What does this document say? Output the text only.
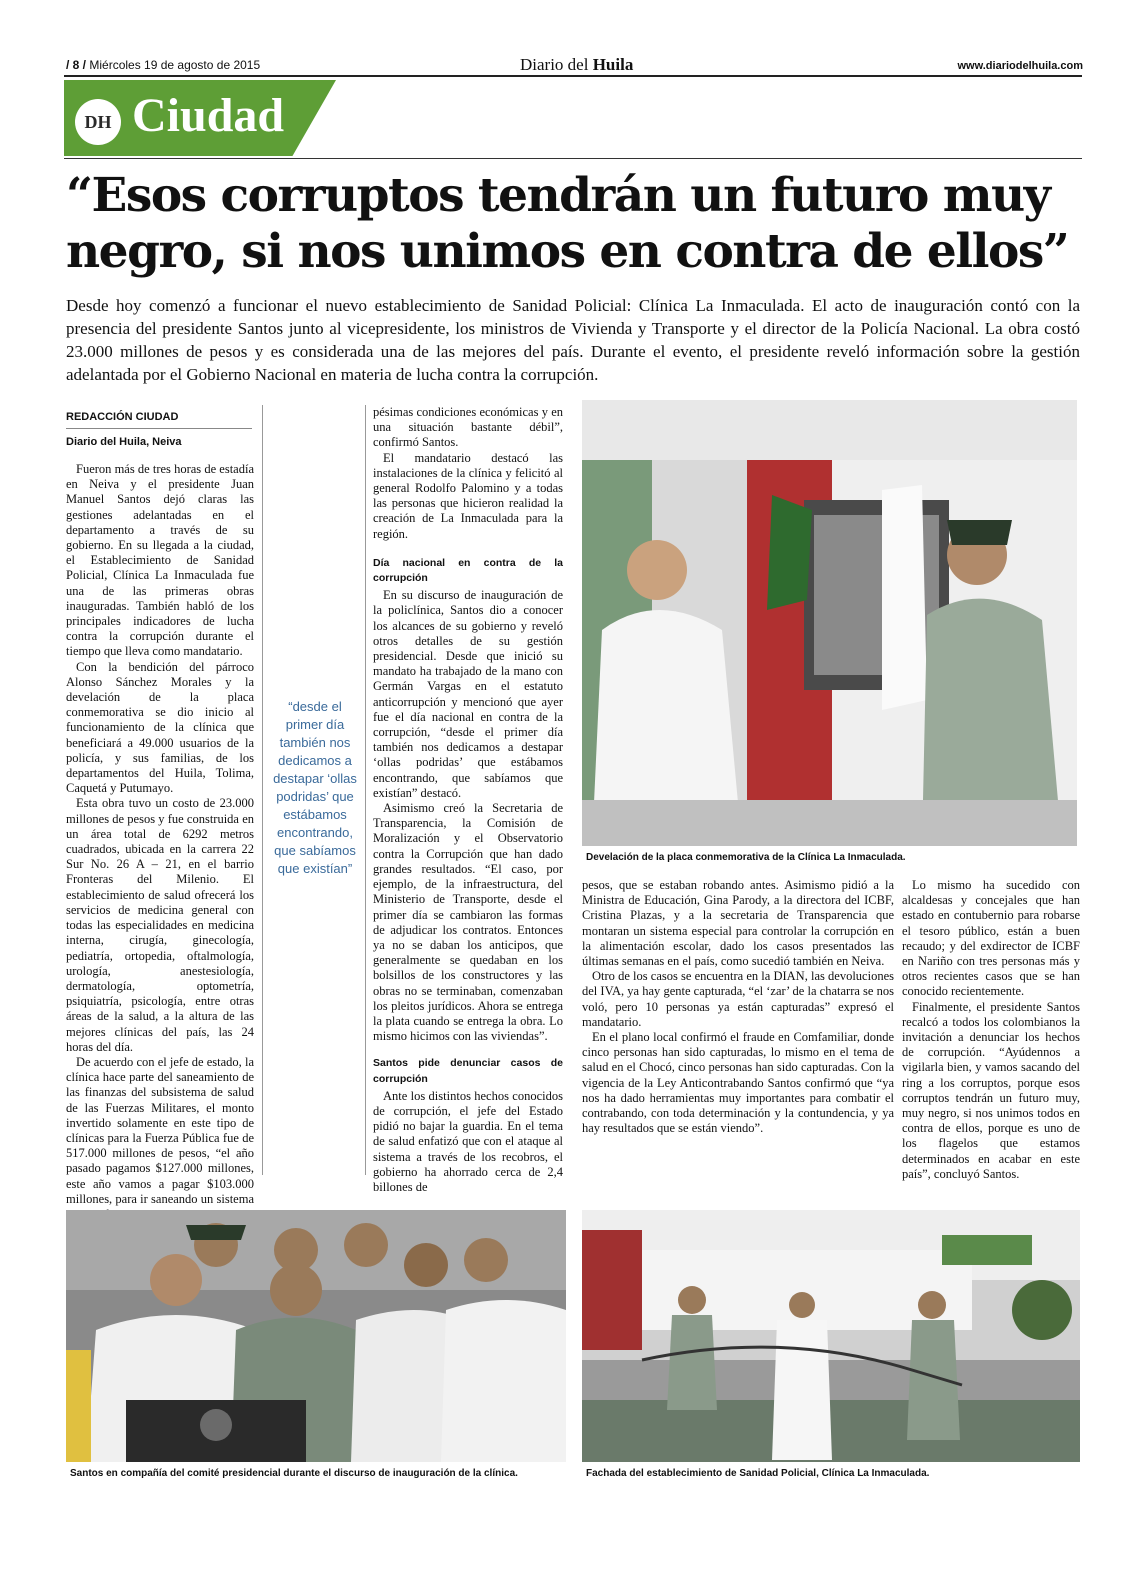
/ 8 / Miércoles 19 de agosto de 2015	Diario del Huila	www.diariodelhuila.com
DH Ciudad
“Esos corruptos tendrán un futuro muy negro, si nos unimos en contra de ellos”
Desde hoy comenzó a funcionar el nuevo establecimiento de Sanidad Policial: Clínica La Inmaculada. El acto de inauguración contó con la presencia del presidente Santos junto al vicepresidente, los ministros de Vivienda y Transporte y el director de la Policía Nacional. La obra costó 23.000 millones de pesos y es considerada una de las mejores del país. Durante el evento, el presidente reveló información sobre la gestión adelantada por el Gobierno Nacional en materia de lucha contra la corrupción.
REDACCIÓN CIUDAD
Diario del Huila, Neiva

Fueron más de tres horas de estadía en Neiva y el presidente Juan Manuel Santos dejó claras las gestiones adelantadas en el departamento a través de su gobierno. En su llegada a la ciudad, el Establecimiento de Sanidad Policial, Clínica La Inmaculada fue una de las primeras obras inauguradas. También habló de los principales indicadores de lucha contra la corrupción durante el tiempo que lleva como mandatario.

Con la bendición del párroco Alonso Sánchez Morales y la develación de la placa conmemorativa se dio inicio al funcionamiento de la clínica que beneficiará a 49.000 usuarios de la policía, y sus familias, de los departamentos del Huila, Tolima, Caquetá y Putumayo.

Esta obra tuvo un costo de 23.000 millones de pesos y fue construida en un área total de 6292 metros cuadrados, ubicada en la carrera 22 Sur No. 26 A – 21, en el barrio Fronteras del Milenio. El establecimiento de salud ofrecerá los servicios de medicina general con todas las especialidades en medicina interna, cirugía, ginecología, pediatría, ortopedia, oftalmología, urología, anestesiología, dermatología, optometría, psiquiatría, psicología, entre otras áreas de la salud, a la altura de las mejores clínicas del país, las 24 horas del día.

De acuerdo con el jefe de estado, la clínica hace parte del saneamiento de las finanzas del subsistema de salud de las Fuerzas Militares, el monto invertido solamente en este tipo de clínicas para la Fuerza Pública fue de 517.000 millones de pesos, “el año pasado pagamos $127.000 millones, este año vamos a pagar $103.000 millones, para ir saneando un sistema

“desde el primer día también nos dedicamos a destapar ‘ollas podridas’ que estábamos encontrando, que sabíamos que existían”

pésimas condiciones económicas y en una situación bastante débil”, confirmó Santos.

El mandatario destacó las instalaciones de la clínica y felicitó al general Rodolfo Palomino y a todas las personas que hicieron realidad la creación de La Inmaculada para la región.

Día nacional en contra de la corrupción

En su discurso de inauguración de la policlínica, Santos dio a conocer los alcances de su gobierno y reveló otros detalles de su gestión presidencial. Desde que inició su mandato ha trabajado de la mano con Germán Vargas en el estatuto anticorrupción y mencionó que ayer fue el día nacional en contra de la corrupción, “desde el primer día también nos dedicamos a destapar ‘ollas podridas’ que estábamos encontrando, que sabíamos que existían” destacó.

Asimismo creó la Secretaria de Transparencia, la Comisión de Moralización y el Observatorio contra la Corrupción que han dado grandes resultados. “El caso, por ejemplo, de la infraestructura, del Ministerio de Transporte, desde el primer día se cambiaron las formas de adjudicar los contratos. Entonces ya no se daban los anticipos, que generalmente se quedaban en los bolsillos de los constructores y las obras no se terminaban, comenzaban los pleitos jurídicos. Ahora se entrega la plata cuando se entrega la obra. Lo mismo hicimos con las viviendas”.

Santos pide denunciar casos de corrupción

Ante los distintos hechos conocidos de corrupción, el jefe del Estado pidió no bajar la guardia. En el tema de salud enfatizó que con el ataque al sistema a través de los recobros, el gobierno ha ahorrado cerca de 2,4 billones de

Develación de la placa conmemorativa de la Clínica La Inmaculada.

pesos, que se estaban robando antes. Asimismo pidió a la Ministra de Educación, Gina Parody, a la directora del ICBF, Cristina Plazas, y a la secretaria de Transparencia que montaran un sistema especial para controlar la corrupción en la alimentación escolar, dado los casos presentados las últimas semanas en el país, como sucedió también en Neiva.

Otro de los casos se encuentra en la DIAN, las devoluciones del IVA, ya hay gente capturada, “el ‘zar’ de la chatarra se nos voló, pero 10 personas ya están capturadas” expresó el mandatario.

En el plano local confirmó el fraude en Comfamiliar, donde cinco personas han sido capturadas, lo mismo en el tema de salud en el Chocó, cinco personas han sido capturadas. Con la vigencia de la Ley Anticontrabando Santos confirmó que “ya nos ha dado herramientas muy importantes para combatir el contrabando, con toda determinación y la contundencia, y ya hay resultados que se están viendo”.

Lo mismo ha sucedido con alcaldesas y concejales que han estado en contubernio para robarse el tesoro público, están a buen recaudo; y del exdirector de ICBF en Nariño con tres personas más y otros recientes casos que se han conocido recientemente.

Finalmente, el presidente Santos recalcó a todos los colombianos la invitación a denunciar los hechos de corrupción. “Ayúdennos a vigilarla bien, y vamos sacando del ring a los corruptos, porque esos corruptos tendrán un futuro muy, muy negro, si nos unimos todos en contra de ellos, porque es uno de los flagelos que estamos determinados en acabar en este país”, concluyó Santos.

Santos en compañía del comité presidencial durante el discurso de inauguración de la clínica.	Fachada del establecimiento de Sanidad Policial, Clínica La Inmaculada.
